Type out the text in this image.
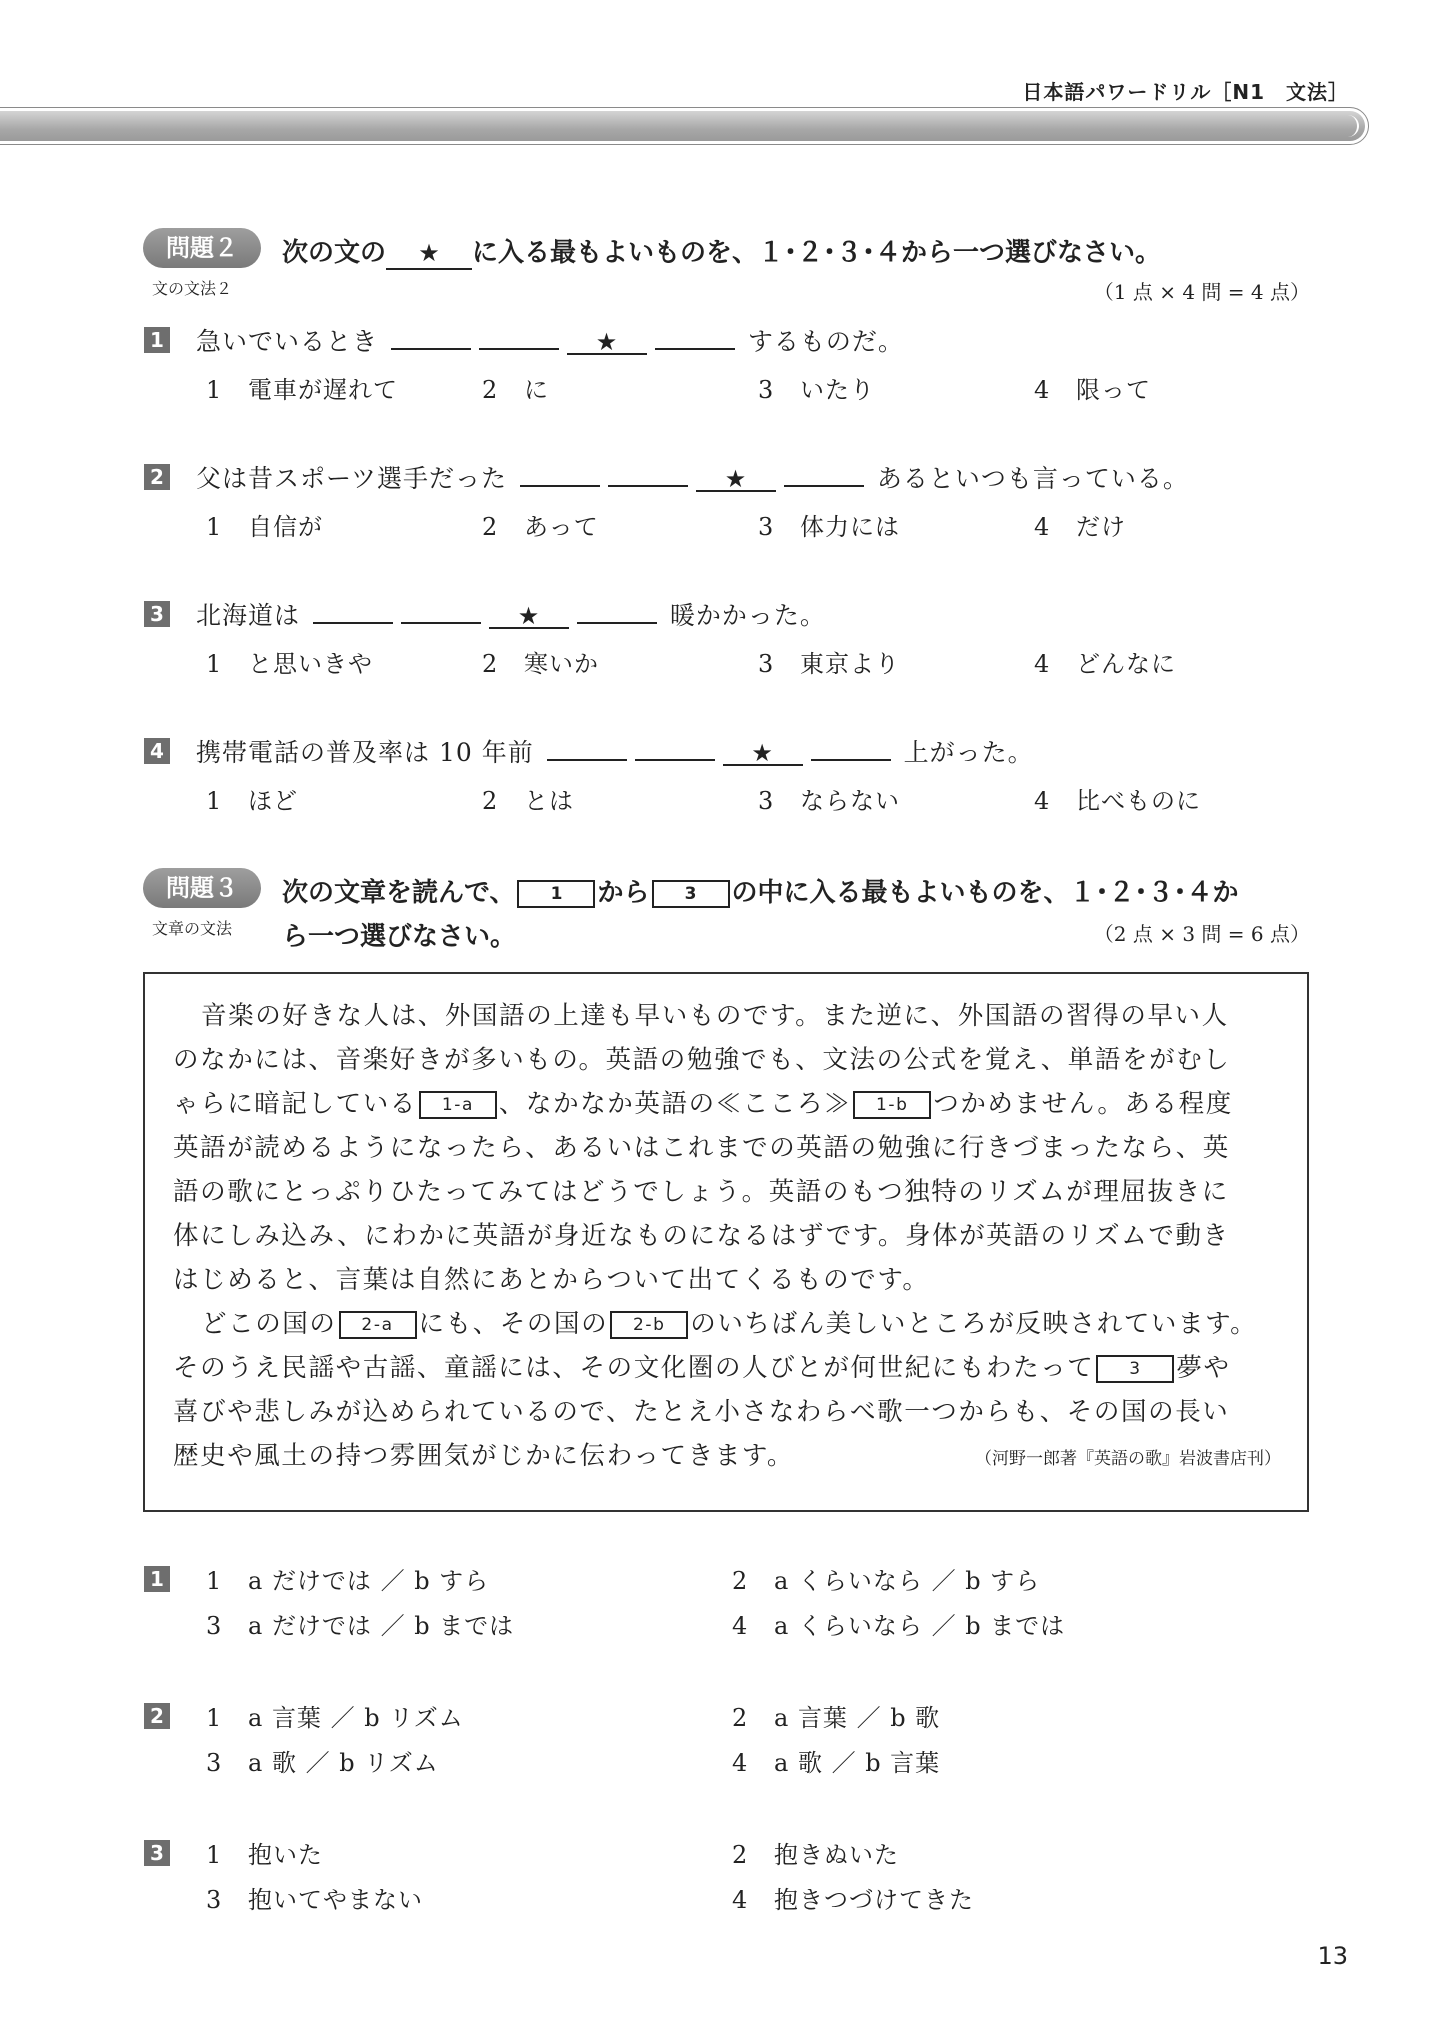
日本語パワードリル［N1　文法］
問題２	次の文の ★ に入る最もよいものを、１･２･３･４から一つ選びなさい。
文の文法２	（1 点 × 4 問 = 4 点）
1 急いでいるとき	★	するものだ。
1 電車が遅れて	2 に	3 いたり	4 限って
2 父は昔スポーツ選手だった	★	あるといつも言っている。
1 自信が	2 あって	3 体力には	4 だけ
3 北海道は	★	暖かかった。
1 と思いきや	2 寒いか	3 東京より	4 どんなに
4 携帯電話の普及率は 10 年前	★	上がった。
1 ほど	2 とは	3 ならない	4 比べものに
問題３	次の文章を読んで、 1 から 3 の中に入る最もよいものを、１･２･３･４か
ら一つ選びなさい。
文章の文法	（2 点 × 3 問 = 6 点）
音楽の好きな人は、外国語の上達も早いものです。また逆に、外国語の習得の早い人
のなかには、音楽好きが多いもの。英語の勉強でも、文法の公式を覚え、単語をがむし
ゃらに暗記している 1-a 、なかなか英語の≪こころ≫ 1-b つかめません。ある程度
英語が読めるようになったら、あるいはこれまでの英語の勉強に行きづまったなら、英
語の歌にとっぷりひたってみてはどうでしょう。英語のもつ独特のリズムが理屈抜きに
体にしみ込み、にわかに英語が身近なものになるはずです。身体が英語のリズムで動き
はじめると、言葉は自然にあとからついて出てくるものです。
どこの国の 2-a にも、その国の 2-b のいちばん美しいところが反映されています。
そのうえ民謡や古謡、童謡には、その文化圏の人びとが何世紀にもわたって 3 夢や
喜びや悲しみが込められているので、たとえ小さなわらべ歌一つからも、その国の長い
歴史や風土の持つ雰囲気がじかに伝わってきます。	（河野一郎著『英語の歌』岩波書店刊）
1 1 a だけでは ／ b すら	2 a くらいなら ／ b すら
3 a だけでは ／ b までは	4 a くらいなら ／ b までは
2 1 a 言葉 ／ b リズム	2 a 言葉 ／ b 歌
3 a 歌 ／ b リズム	4 a 歌 ／ b 言葉
3 1 抱いた	2 抱きぬいた
3 抱いてやまない	4 抱きつづけてきた
13
